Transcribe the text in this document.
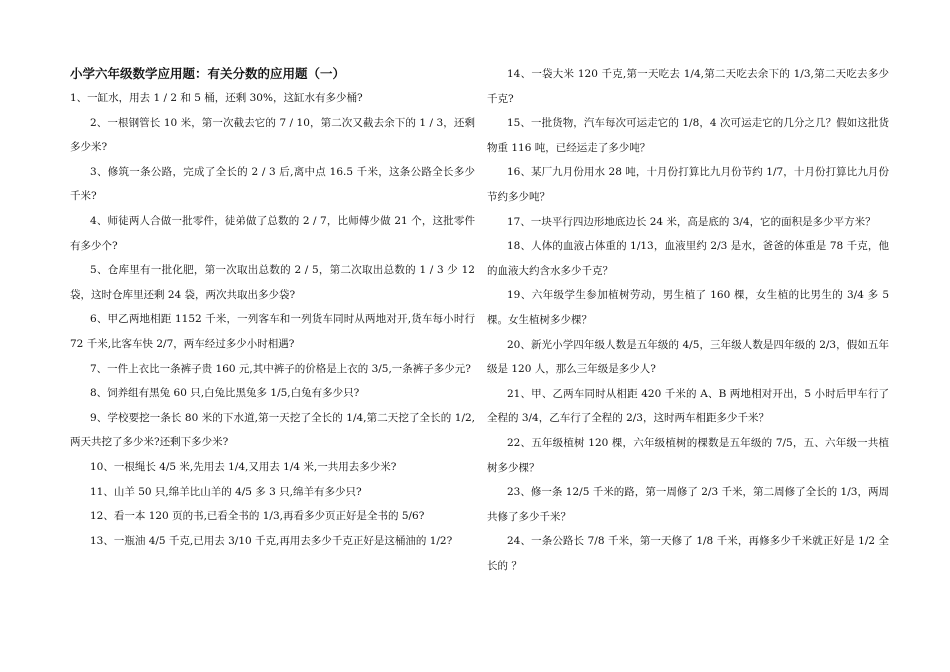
小学六年级数学应用题：有关分数的应用题（一）

1、一缸水，用去 1 / 2 和 5 桶，还剩 30%，这缸水有多少桶?

2、一根钢管长 10 米，第一次截去它的 7 / 10，第二次又截去余下的 1 / 3，还剩多少米?

3、修筑一条公路，完成了全长的 2 / 3 后,离中点 16.5 千米，这条公路全长多少千米?

4、师徒两人合做一批零件，徒弟做了总数的 2 / 7，比师傅少做 21 个，这批零件有多少个?

5、仓库里有一批化肥，第一次取出总数的 2 / 5，第二次取出总数的 1 / 3 少 12 袋，这时仓库里还剩 24 袋，两次共取出多少袋?

6、甲乙两地相距 1152 千米，一列客车和一列货车同时从两地对开,货车每小时行 72 千米,比客车快 2/7，两车经过多少小时相遇?

7、一件上衣比一条裤子贵 160 元,其中裤子的价格是上衣的 3/5,一条裤子多少元?

8、饲养组有黑兔 60 只,白兔比黑兔多 1/5,白兔有多少只?

9、学校要挖一条长 80 米的下水道,第一天挖了全长的 1/4,第二天挖了全长的 1/2,两天共挖了多少米?还剩下多少米?

10、一根绳长 4/5 米,先用去 1/4,又用去 1/4 米,一共用去多少米?

11、山羊 50 只,绵羊比山羊的 4/5 多 3 只,绵羊有多少只?

12、看一本 120 页的书,已看全书的 1/3,再看多少页正好是全书的 5/6?

13、一瓶油 4/5 千克,已用去 3/10 千克,再用去多少千克正好是这桶油的 1/2?

14、一袋大米 120 千克,第一天吃去 1/4,第二天吃去余下的 1/3,第二天吃去多少千克?

15、一批货物，汽车每次可运走它的 1/8，4 次可运走它的几分之几？假如这批货物重 116 吨，已经运走了多少吨？

16、某厂九月份用水 28 吨，十月份打算比九月份节约 1/7，十月份打算比九月份节约多少吨？

17、一块平行四边形地底边长 24 米，高是底的 3/4，它的面积是多少平方米？

18、人体的血液占体重的 1/13，血液里约 2/3 是水，爸爸的体重是 78 千克，他的血液大约含水多少千克？

19、六年级学生参加植树劳动，男生植了 160 棵，女生植的比男生的 3/4 多 5 棵。女生植树多少棵？

20、新光小学四年级人数是五年级的 4/5，三年级人数是四年级的 2/3，假如五年级是 120 人，那么三年级是多少人?

21、甲、乙两车同时从相距 420 千米的 A、B 两地相对开出，5 小时后甲车行了全程的 3/4，乙车行了全程的 2/3，这时两车相距多少千米？

22、五年级植树 120 棵，六年级植树的棵数是五年级的 7/5，五、六年级一共植树多少棵？

23、修一条 12/5 千米的路，第一周修了 2/3 千米，第二周修了全长的 1/3，两周共修了多少千米？

24、一条公路长 7/8 千米，第一天修了 1/8 千米，再修多少千米就正好是 1/2 全长的 ？
